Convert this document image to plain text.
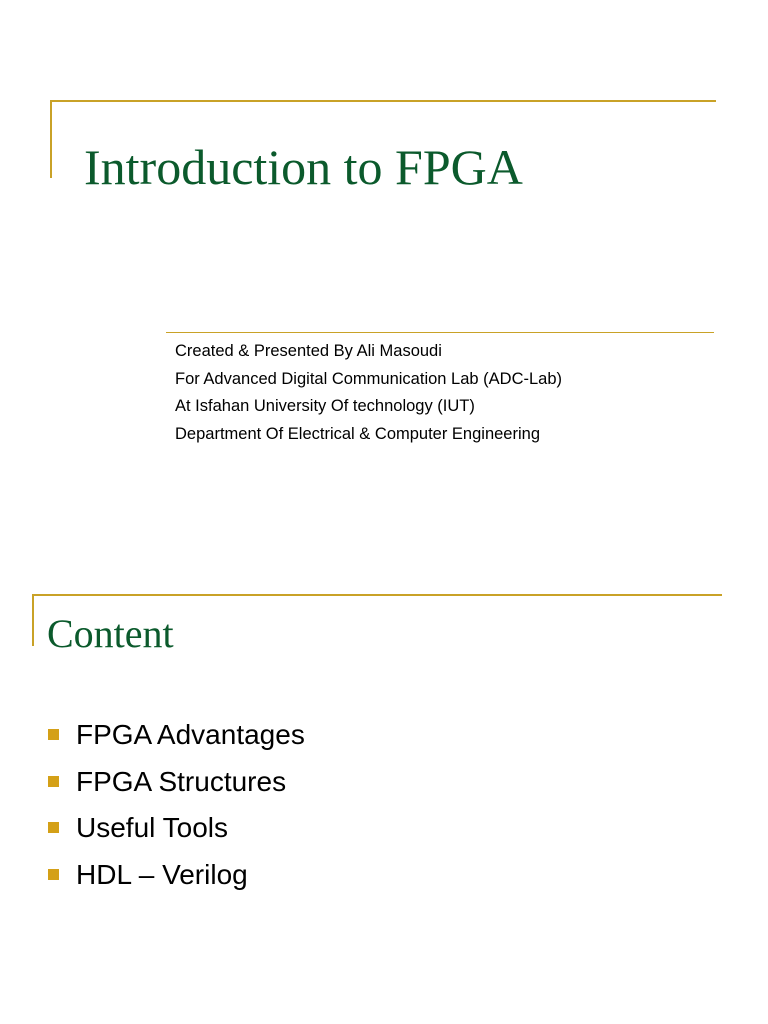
Introduction to FPGA
Created & Presented By Ali Masoudi
For Advanced Digital Communication Lab (ADC-Lab)
At Isfahan University Of technology (IUT)
Department Of Electrical & Computer Engineering
Content
FPGA Advantages
FPGA Structures
Useful Tools
HDL – Verilog
